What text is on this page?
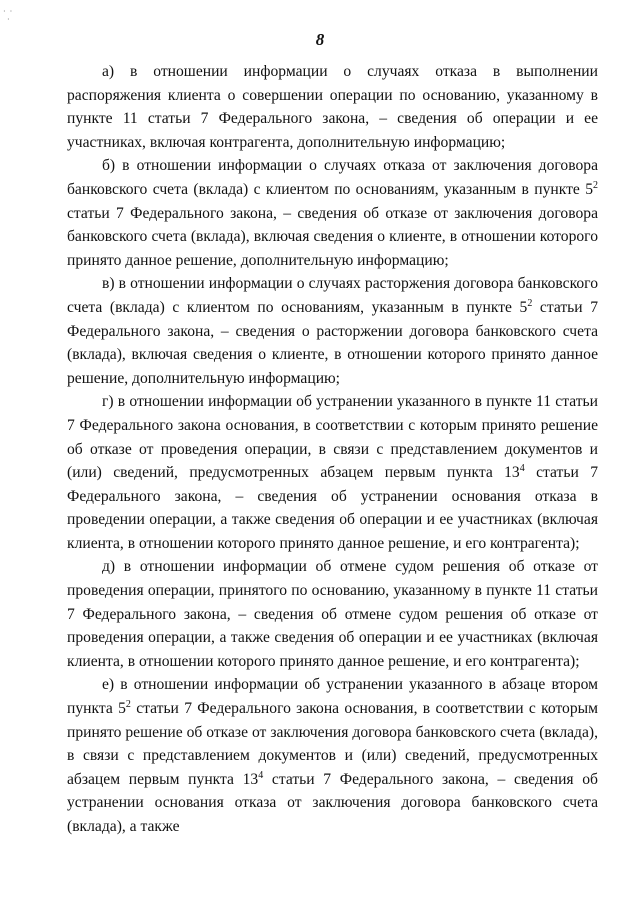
·  ·
·
8

а) в отношении информации о случаях отказа в выполнении распоряжения клиента о совершении операции по основанию, указанному в пункте 11 статьи 7 Федерального закона, – сведения об операции и ее участниках, включая контрагента, дополнительную информацию;

б) в отношении информации о случаях отказа от заключения договора банковского счета (вклада) с клиентом по основаниям, указанным в пункте $5^2$ статьи 7 Федерального закона, – сведения об отказе от заключения договора банковского счета (вклада), включая сведения о клиенте, в отношении которого принято данное решение, дополнительную информацию;

в) в отношении информации о случаях расторжения договора банковского счета (вклада) с клиентом по основаниям, указанным в пункте $5^2$ статьи 7 Федерального закона, – сведения о расторжении договора банковского счета (вклада), включая сведения о клиенте, в отношении которого принято данное решение, дополнительную информацию;

г) в отношении информации об устранении указанного в пункте 11 статьи 7 Федерального закона основания, в соответствии с которым принято решение об отказе от проведения операции, в связи с представлением документов и (или) сведений, предусмотренных абзацем первым пункта $13^4$ статьи 7 Федерального закона, – сведения об устранении основания отказа в проведении операции, а также сведения об операции и ее участниках (включая клиента, в отношении которого принято данное решение, и его контрагента);

д) в отношении информации об отмене судом решения об отказе от проведения операции, принятого по основанию, указанному в пункте 11 статьи 7 Федерального закона, – сведения об отмене судом решения об отказе от проведения операции, а также сведения об операции и ее участниках (включая клиента, в отношении которого принято данное решение, и его контрагента);

е) в отношении информации об устранении указанного в абзаце втором пункта $5^2$ статьи 7 Федерального закона основания, в соответствии с которым принято решение об отказе от заключения договора банковского счета (вклада), в связи с представлением документов и (или) сведений, предусмотренных абзацем первым пункта $13^4$ статьи 7 Федерального закона, – сведения об устранении основания отказа от заключения договора банковского счета (вклада), а также
